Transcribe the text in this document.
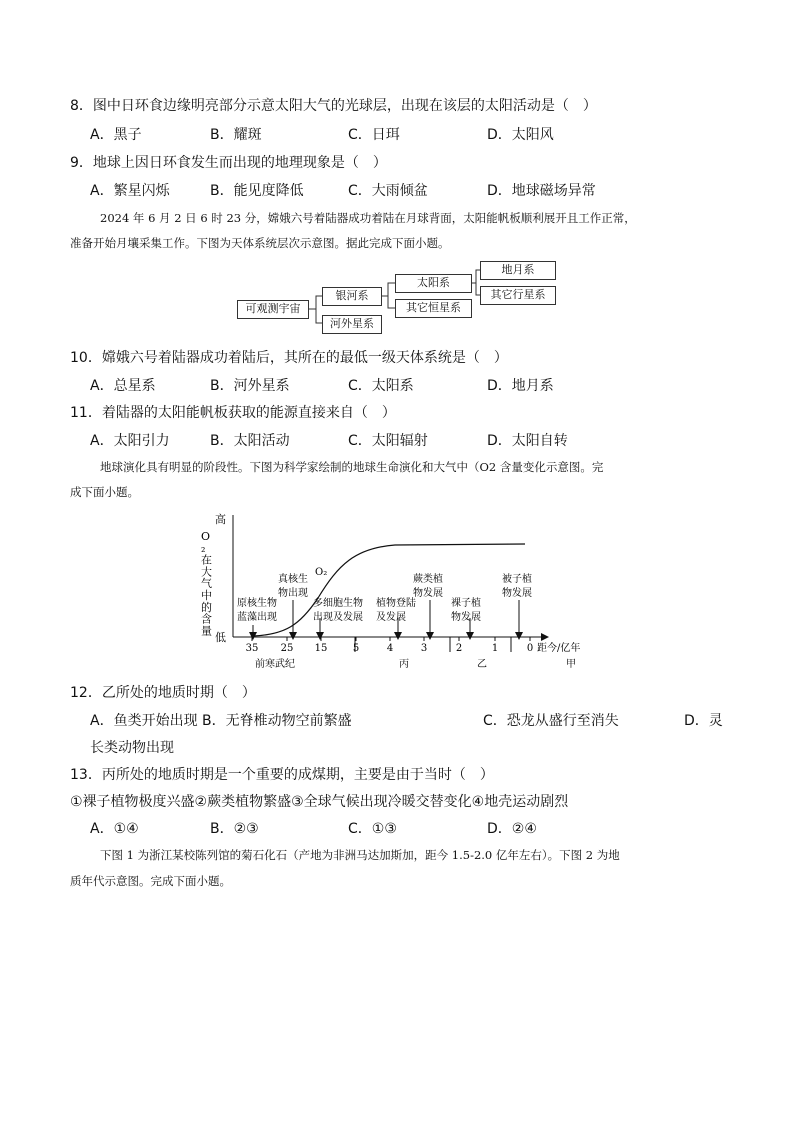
8．图中日环食边缘明亮部分示意太阳大气的光球层，出现在该层的太阳活动是（　）
A．黑子	B．耀斑	C．日珥	D．太阳风
9．地球上因日环食发生而出现的地理现象是（　）
A．繁星闪烁	B．能见度降低	C．大雨倾盆	D．地球磁场异常
2024 年 6 月 2 日 6 时 23 分，嫦娥六号着陆器成功着陆在月球背面，太阳能帆板顺利展开且工作正常，
准备开始月壤采集工作。下图为天体系统层次示意图。据此完成下面小题。
可观测宇宙
银河系
河外星系
太阳系
其它恒星系
地月系
其它行星系
10．嫦娥六号着陆器成功着陆后，其所在的最低一级天体系统是（　）
A．总星系	B．河外星系	C．太阳系	D．地月系
11．着陆器的太阳能帆板获取的能源直接来自（　）
A．太阳引力	B．太阳活动	C．太阳辐射	D．太阳自转
地球演化具有明显的阶段性。下图为科学家绘制的地球生命演化和大气中（O2 含量变化示意图。完
成下面小题。
高
低
O ₂ 在大气中的含量
O₂
原核生物蓝藻出现
真核生物出现
多细胞生物出现及发展
植物登陆及发展
蕨类植物发展
裸子植物发展
被子植物发展
35 25 15	5	4	3	2	1	0 距今/亿年
前寒武纪	丙	乙	甲
12．乙所处的地质时期（　）
A．鱼类开始出现 B．无脊椎动物空前繁盛	C．恐龙从盛行至消失	D．灵
长类动物出现
13．丙所处的地质时期是一个重要的成煤期，主要是由于当时（　）
①裸子植物极度兴盛②蕨类植物繁盛③全球气候出现冷暖交替变化④地壳运动剧烈
A．①④	B．②③	C．①③	D．②④
下图 1 为浙江某校陈列馆的菊石化石（产地为非洲马达加斯加，距今 1.5-2.0 亿年左右）。下图 2 为地
质年代示意图。完成下面小题。
